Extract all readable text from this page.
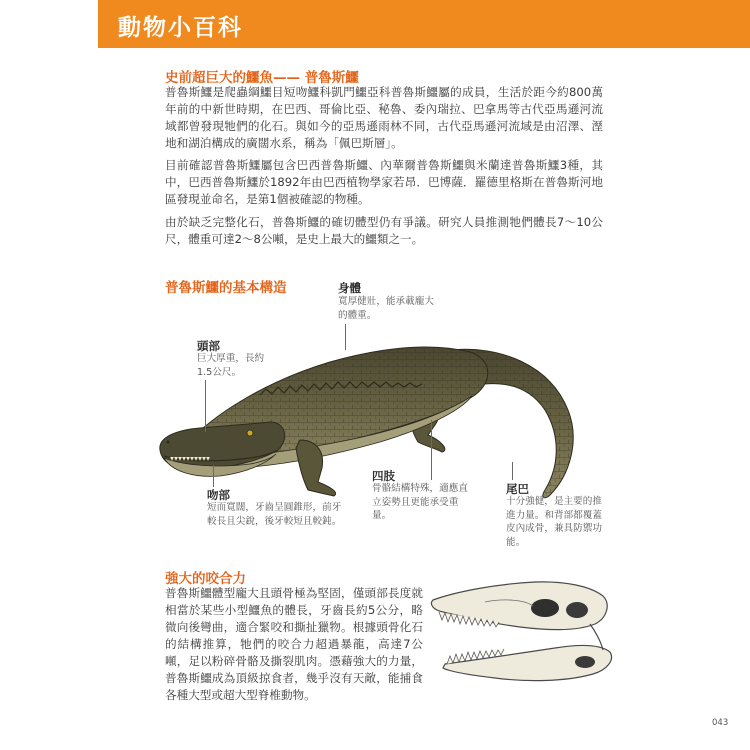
動物小百科
史前超巨大的鱷魚—— 普魯斯鱷
普魯斯鱷是爬蟲綱鱷目短吻鱷科凱門鱷亞科普魯斯鱷屬的成員，生活於距今約800萬年前的中新世時期，在巴西、哥倫比亞、秘魯、委內瑞拉、巴拿馬等古代亞馬遜河流域都曾發現牠們的化石。與如今的亞馬遜雨林不同，古代亞馬遜河流域是由沼澤、溼地和湖泊構成的廣闊水系，稱為「佩巴斯層」。
目前確認普魯斯鱷屬包含巴西普魯斯鱷、內華爾普魯斯鱷與米蘭達普魯斯鱷3種，其中，巴西普魯斯鱷於1892年由巴西植物學家若昂．巴博薩．羅德里格斯在普魯斯河地區發現並命名，是第1個被確認的物種。
由於缺乏完整化石，普魯斯鱷的確切體型仍有爭議。研究人員推測牠們體長7～10公尺，體重可達2～8公噸，是史上最大的鱷類之一。
普魯斯鱷的基本構造	身體
寬厚健壯，能承載龐大的體重。
頭部
巨大厚重，長約1.5公尺。
吻部
短而寬闊，牙齒呈圓錐形，前牙較長且尖銳，後牙較短且較鈍。
四肢
骨骼結構特殊，適應直立姿勢且更能承受重量。
尾巴
十分強健，是主要的推進力量。和背部都覆蓋皮內成骨，兼具防禦功能。
強大的咬合力
普魯斯鱷體型龐大且頭骨極為堅固，僅頭部長度就相當於某些小型鱷魚的體長，牙齒長約5公分，略微向後彎曲，適合緊咬和撕扯獵物。根據頭骨化石的結構推算，牠們的咬合力超過暴龍，高達7公噸，足以粉碎骨骼及撕裂肌肉。憑藉強大的力量，普魯斯鱷成為頂級掠食者，幾乎沒有天敵，能捕食各種大型或超大型脊椎動物。
043
